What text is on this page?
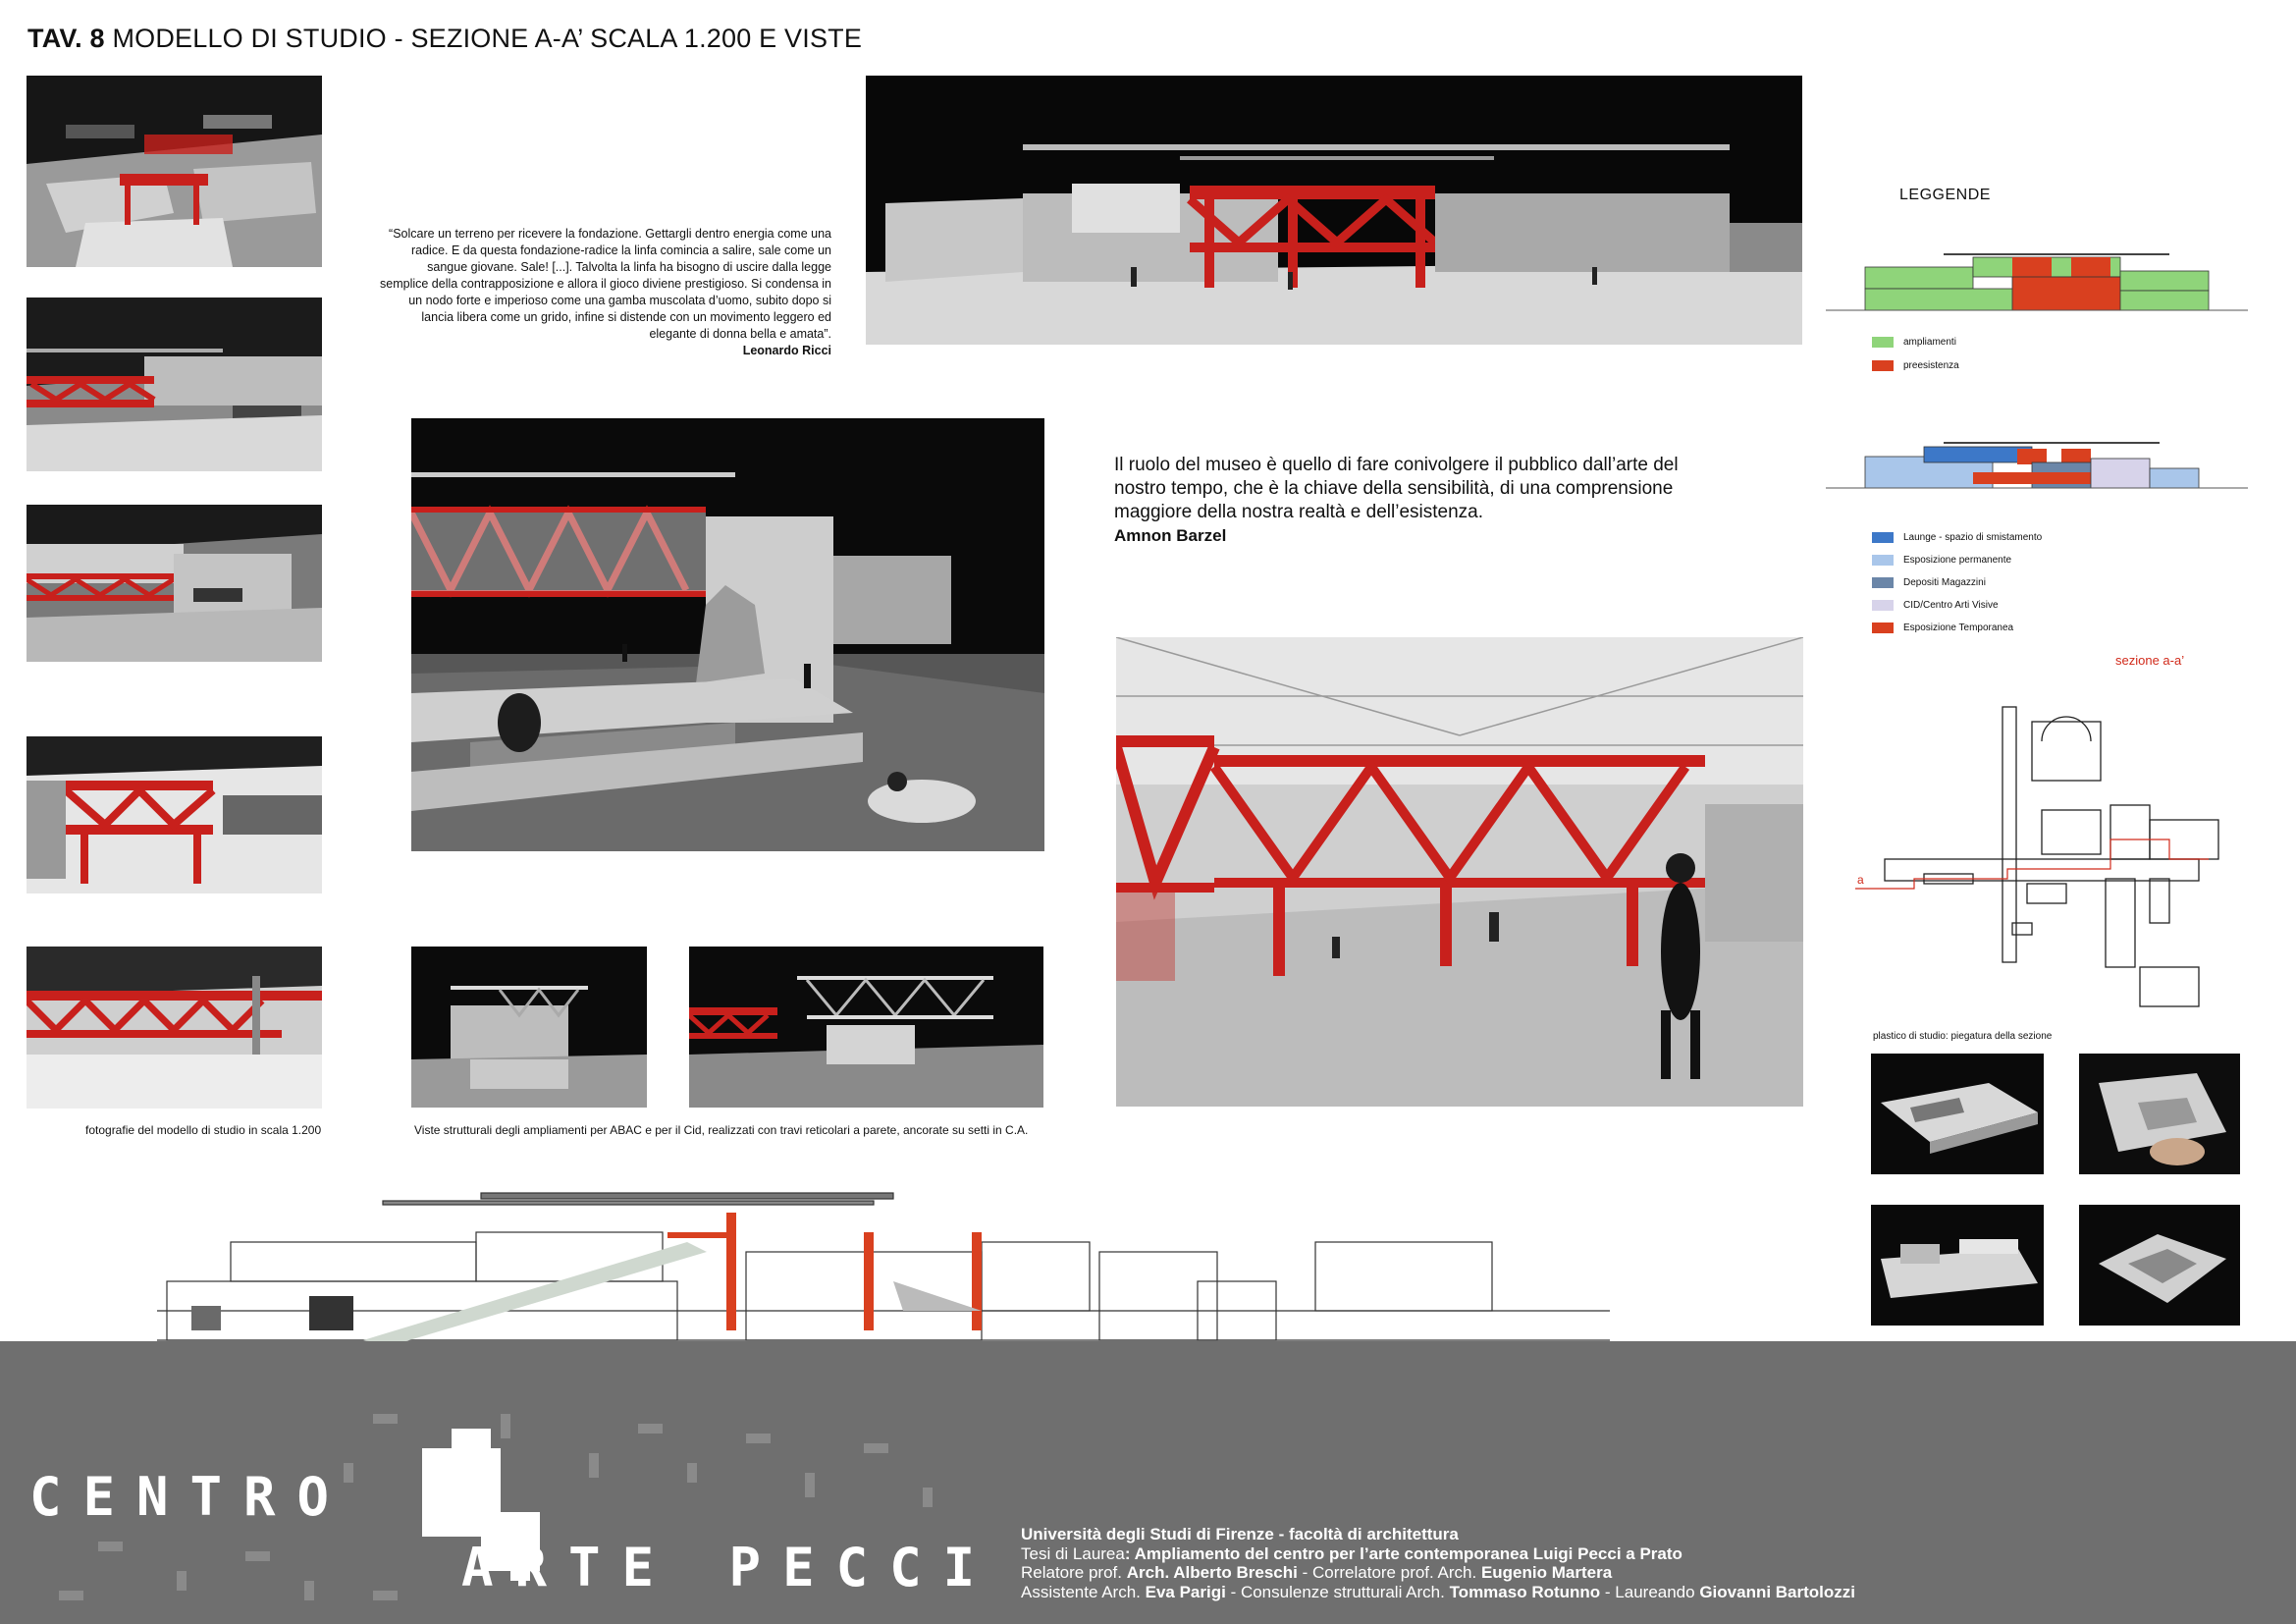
TAV. 8 MODELLO DI STUDIO - SEZIONE A-A’ SCALA 1.200 E VISTE
fotografie del modello di studio in scala 1.200
“Solcare un terreno per ricevere la fondazione. Gettargli dentro energia come una radice. E da questa fondazione-radice la linfa comincia a salire, sale come un sangue giovane. Sale! [...]. Talvolta la linfa ha bisogno di uscire dalla legge semplice della contrapposizione e allora il gioco diviene prestigioso. Si condensa in un nodo forte e imperioso come una gamba muscolata d’uomo, subito dopo si lancia libera come un grido, infine si distende con un movimento leggero ed elegante di donna bella e amata”.
Leonardo Ricci
LEGGENDE
ampliamenti
preesistenza
Launge - spazio di smistamento
Esposizione permanente
Depositi Magazzini
CID/Centro Arti Visive
Esposizione Temporanea
sezione a-a’
a
plastico di studio: piegatura della sezione
Il ruolo del museo è quello di fare conivolgere il pubblico dall’arte del nostro tempo, che è la chiave della sensibilità, di una comprensione maggiore della nostra realtà e dell’esistenza.
Amnon Barzel
Viste strutturali degli ampliamenti per ABAC e per il Cid, realizzati con travi reticolari a parete, ancorate su setti in C.A.
CENTRO
ARTE PECCI
Università degli Studi di Firenze - facoltà di architettura
Tesi di Laurea: Ampliamento del centro per l’arte contemporanea Luigi Pecci a Prato
Relatore prof. Arch. Alberto Breschi - Correlatore prof. Arch. Eugenio Martera
Assistente Arch. Eva Parigi - Consulenze strutturali Arch. Tommaso Rotunno - Laureando Giovanni Bartolozzi
